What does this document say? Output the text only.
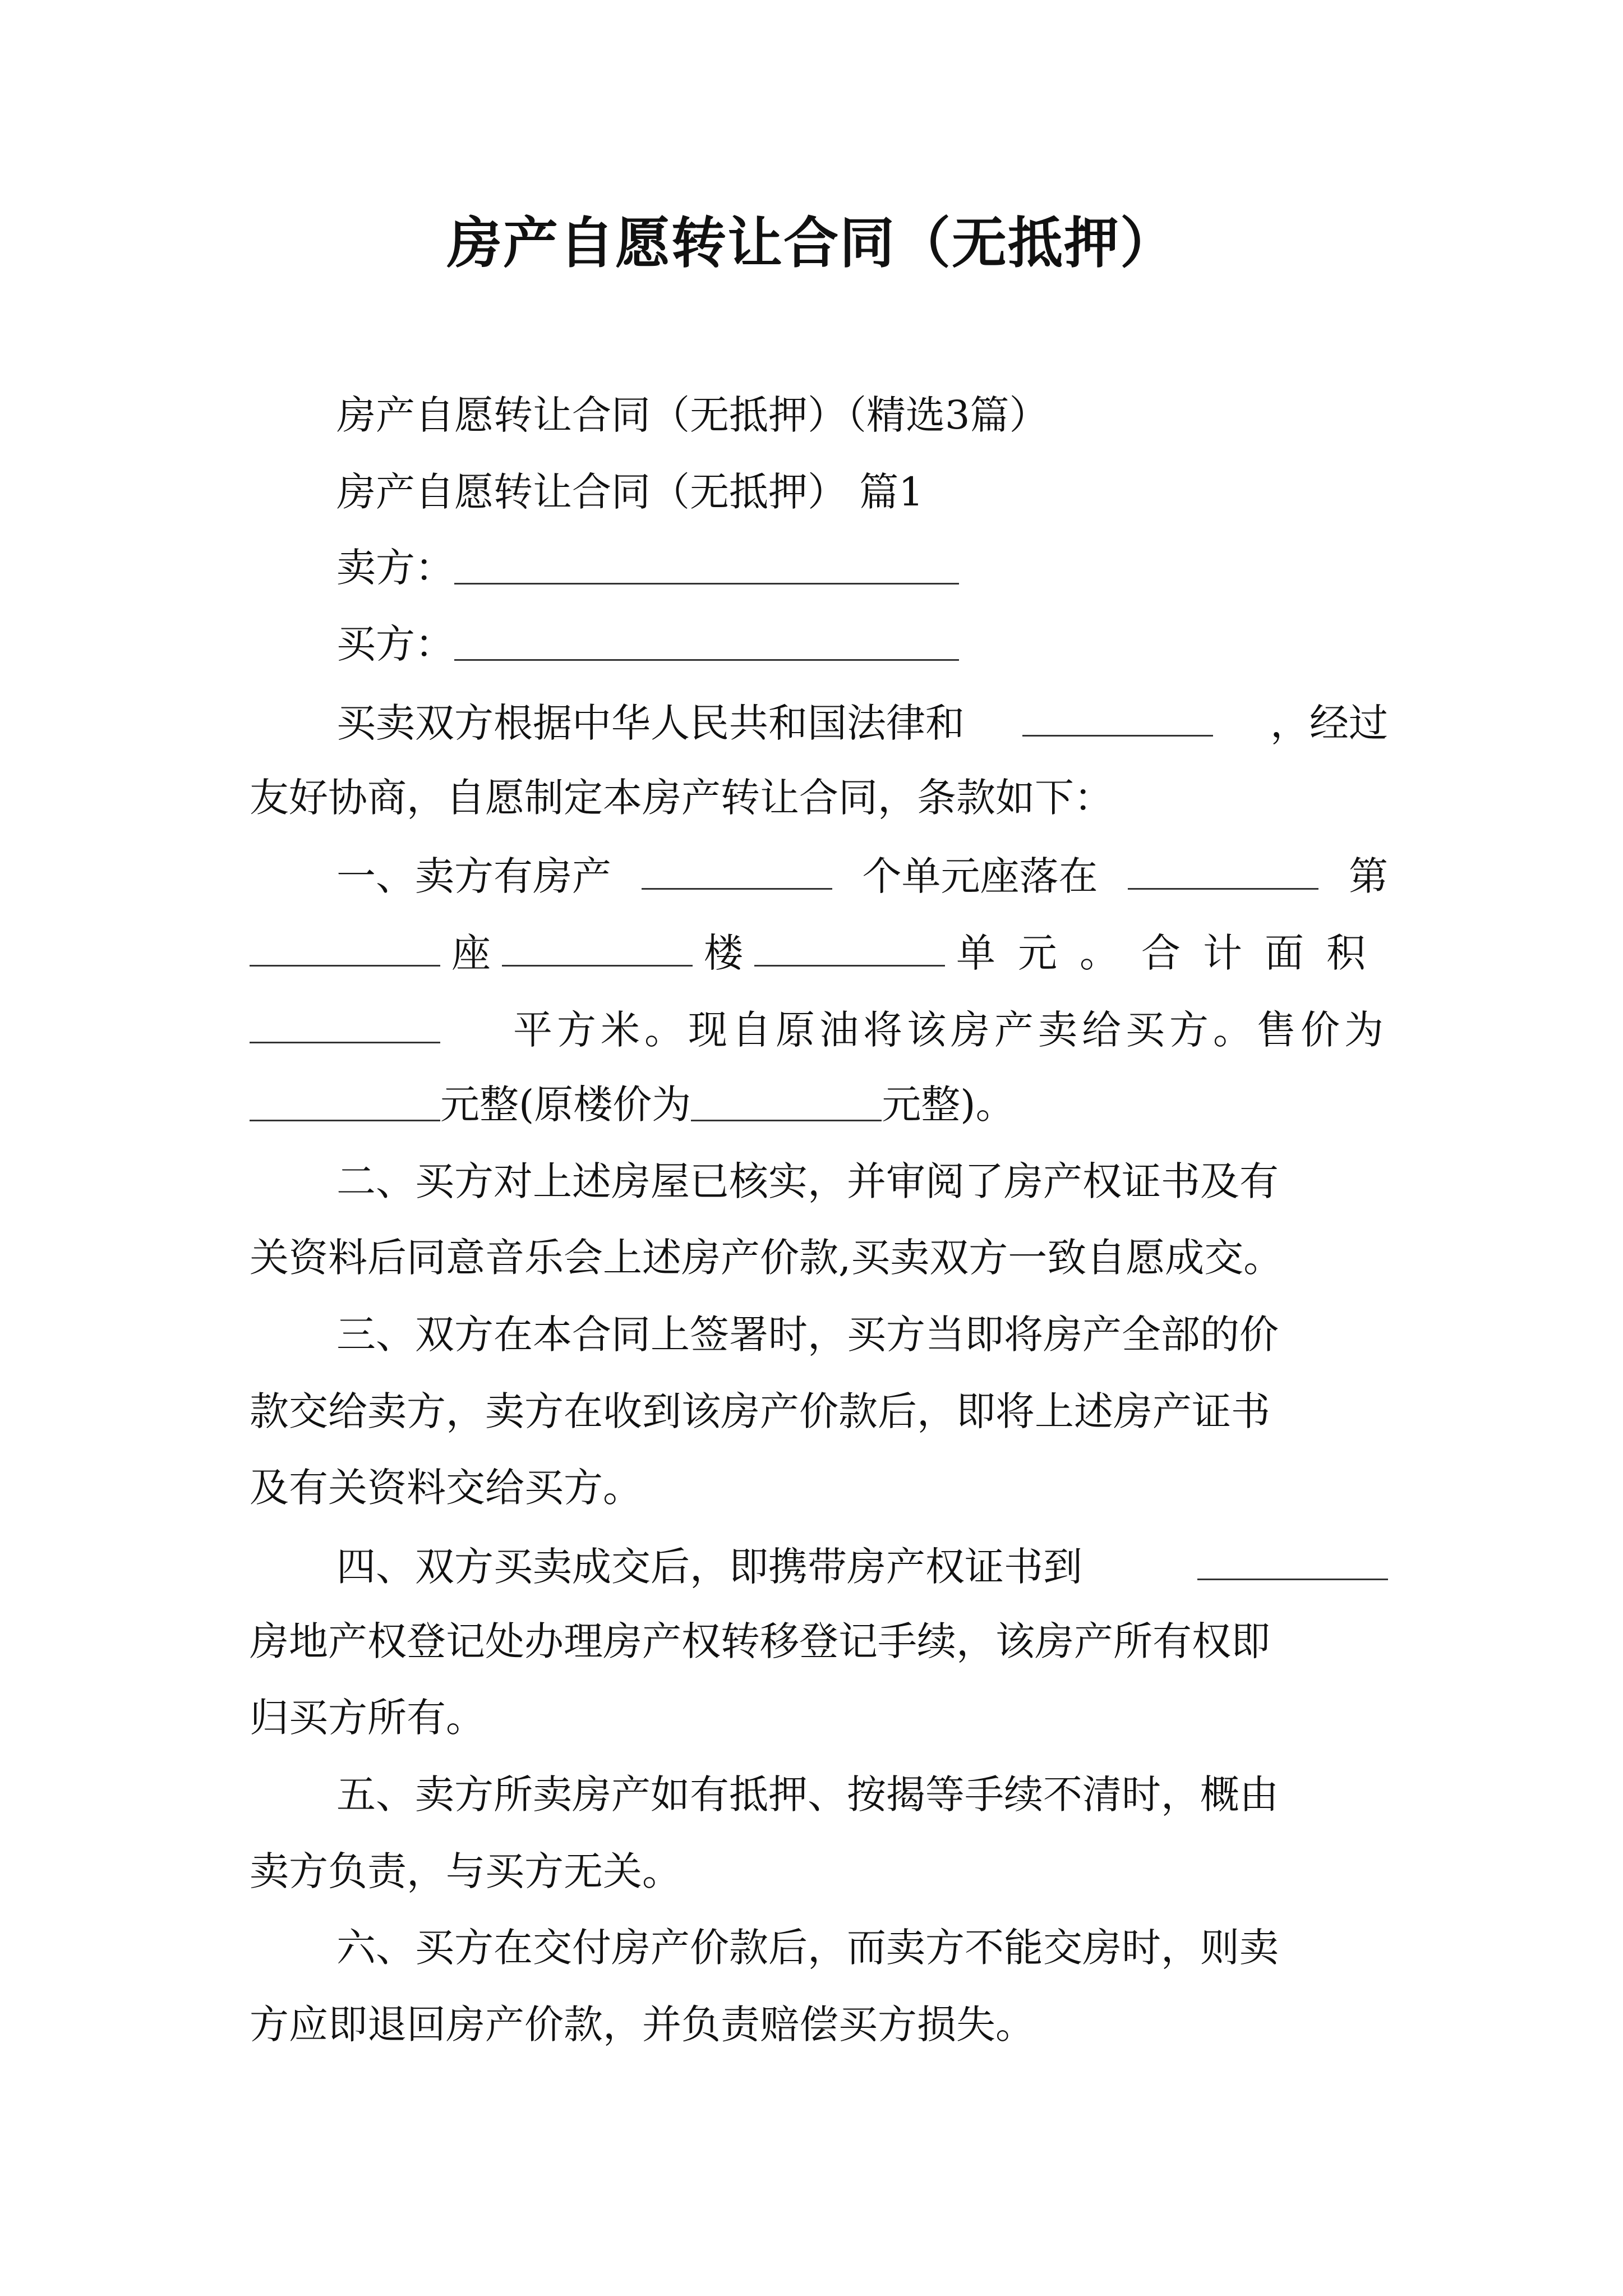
房产自愿转让合同（无抵押）
房产自愿转让合同（无抵押）（精选3篇）
房产自愿转让合同（无抵押） 篇1
卖方：
买方：
买卖双方根据中华人民共和国法律和	，经过
友好协商，自愿制定本房产转让合同，条款如下：
一、卖方有房产	个单元座落在	第
座	楼	单元。合计面积
平方米。现自原油将该房产卖给买方。售价为
元整(原楼价为	元整)。
二、买方对上述房屋已核实，并审阅了房产权证书及有
关资料后同意音乐会上述房产价款,买卖双方一致自愿成交。
三、双方在本合同上签署时，买方当即将房产全部的价
款交给卖方，卖方在收到该房产价款后，即将上述房产证书
及有关资料交给买方。
四、双方买卖成交后，即携带房产权证书到
房地产权登记处办理房产权转移登记手续，该房产所有权即
归买方所有。
五、卖方所卖房产如有抵押、按揭等手续不清时，概由
卖方负责，与买方无关。
六、买方在交付房产价款后，而卖方不能交房时，则卖
方应即退回房产价款，并负责赔偿买方损失。
